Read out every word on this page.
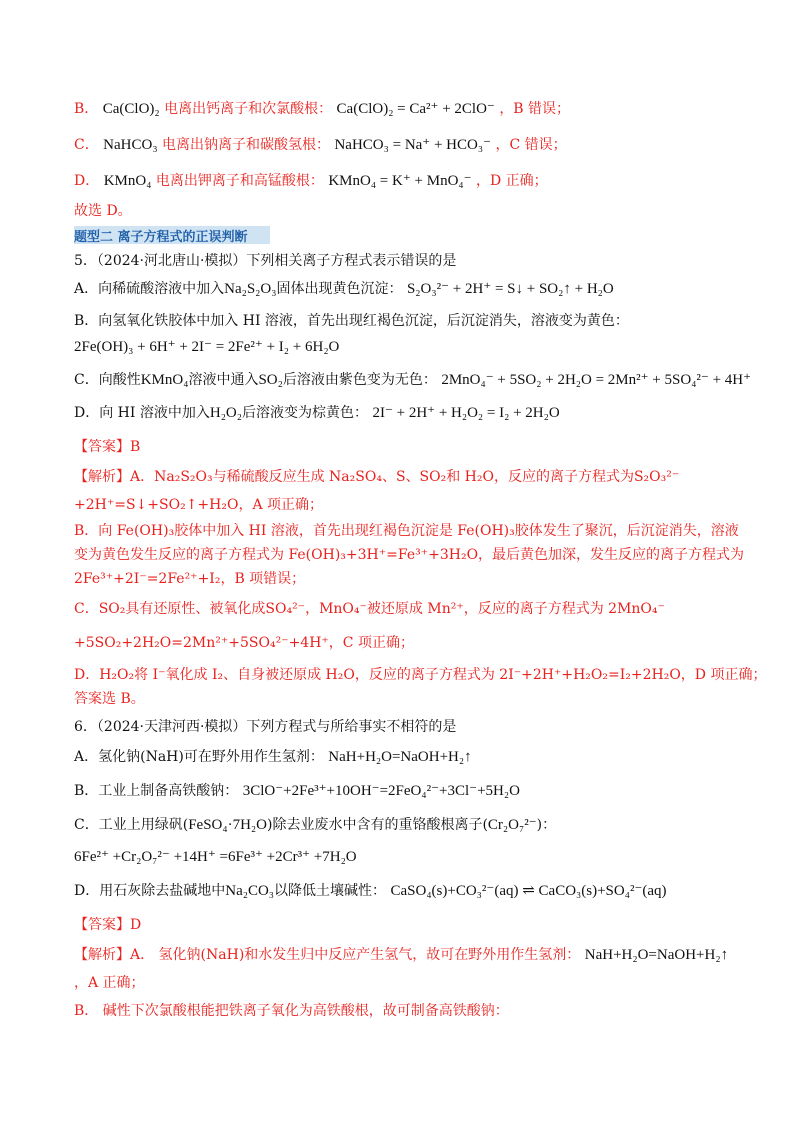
B． Ca(ClO)₂ 电离出钙离子和次氯酸根： Ca(ClO)₂ = Ca²⁺ + 2ClO⁻ ，B 错误；
C． NaHCO₃ 电离出钠离子和碳酸氢根： NaHCO₃ = Na⁺ + HCO₃⁻ ，C 错误；
D． KMnO₄ 电离出钾离子和高锰酸根： KMnO₄ = K⁺ + MnO₄⁻ ，D 正确；
故选 D。
题型二 离子方程式的正误判断
5．（2024·河北唐山·模拟）下列相关离子方程式表示错误的是
A．向稀硫酸溶液中加入Na₂S₂O₃固体出现黄色沉淀： S₂O₃²⁻ + 2H⁺ = S↓ + SO₂↑ + H₂O
B．向氢氧化铁胶体中加入 HI 溶液，首先出现红褐色沉淀，后沉淀消失，溶液变为黄色：
2Fe(OH)₃ + 6H⁺ + 2I⁻ = 2Fe²⁺ + I₂ + 6H₂O
C．向酸性KMnO₄溶液中通入SO₂后溶液由紫色变为无色： 2MnO₄⁻ + 5SO₂ + 2H₂O = 2Mn²⁺ + 5SO₄²⁻ + 4H⁺
D．向 HI 溶液中加入H₂O₂后溶液变为棕黄色： 2I⁻ + 2H⁺ + H₂O₂ = I₂ + 2H₂O
【答案】B
【解析】A．Na₂S₂O₃与稀硫酸反应生成 Na₂SO₄、S、SO₂和 H₂O，反应的离子方程式为S₂O₃²⁻
+2H⁺=S↓+SO₂↑+H₂O，A 项正确；
B．向 Fe(OH)₃胶体中加入 HI 溶液，首先出现红褐色沉淀是 Fe(OH)₃胶体发生了聚沉，后沉淀消失，溶液
变为黄色发生反应的离子方程式为 Fe(OH)₃+3H⁺=Fe³⁺+3H₂O，最后黄色加深，发生反应的离子方程式为
2Fe³⁺+2I⁻=2Fe²⁺+I₂，B 项错误；
C．SO₂具有还原性、被氧化成SO₄²⁻，MnO₄⁻被还原成 Mn²⁺，反应的离子方程式为 2MnO₄⁻
+5SO₂+2H₂O=2Mn²⁺+5SO₄²⁻+4H⁺，C 项正确；
D．H₂O₂将 I⁻氧化成 I₂、自身被还原成 H₂O，反应的离子方程式为 2I⁻+2H⁺+H₂O₂=I₂+2H₂O，D 项正确；
答案选 B。
6．（2024·天津河西·模拟）下列方程式与所给事实不相符的是
A．氢化钠(NaH)可在野外用作生氢剂： NaH+H₂O=NaOH+H₂↑
B．工业上制备高铁酸钠： 3ClO⁻+2Fe³⁺+10OH⁻=2FeO₄²⁻+3Cl⁻+5H₂O
C．工业上用绿矾(FeSO₄·7H₂O)除去业废水中含有的重铬酸根离子(Cr₂O₇²⁻)：
6Fe²⁺ +Cr₂O₇²⁻ +14H⁺ =6Fe³⁺ +2Cr³⁺ +7H₂O
D．用石灰除去盐碱地中Na₂CO₃以降低土壤碱性： CaSO₄(s)+CO₃²⁻(aq) ⇌ CaCO₃(s)+SO₄²⁻(aq)
【答案】D
【解析】A． 氢化钠(NaH)和水发生归中反应产生氢气，故可在野外用作生氢剂： NaH+H₂O=NaOH+H₂↑
，A 正确；
B． 碱性下次氯酸根能把铁离子氧化为高铁酸根，故可制备高铁酸钠：
